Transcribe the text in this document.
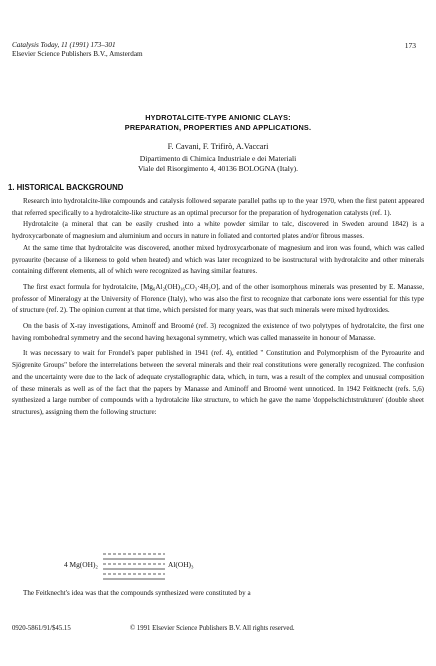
Catalysis Today, 11 (1991) 173–301
Elsevier Science Publishers B.V., Amsterdam
173
HYDROTALCITE-TYPE ANIONIC CLAYS:
PREPARATION, PROPERTIES AND APPLICATIONS.
F. Cavani, F. Trifirò, A.Vaccari
Dipartimento di Chimica Industriale e dei Materiali
Viale del Risorgimento 4, 40136 BOLOGNA (Italy).
1. HISTORICAL BACKGROUND

Research into hydrotalcite-like compounds and catalysis followed separate parallel paths up to the year 1970, when the first patent appeared that referred specifically to a hydrotalcite-like structure as an optimal precursor for the preparation of hydrogenation catalysts (ref. 1).

Hydrotalcite (a mineral that can be easily crushed into a white powder similar to talc, discovered in Sweden around 1842) is a hydroxycarbonate of magnesium and aluminium and occurs in nature in foliated and contorted plates and/or fibrous masses.

At the same time that hydrotalcite was discovered, another mixed hydroxycarbonate of magnesium and iron was found, which was called pyroaurite (because of a likeness to gold when heated) and which was later recognized to be isostructural with hydrotalcite and other minerals containing different elements, all of which were recognized as having similar features.

The first exact formula for hydrotalcite, [Mg₆Al₂(OH)₁₆CO₃·4H₂O], and of the other isomorphous minerals was presented by E. Manasse, professor of Mineralogy at the University of Florence (Italy), who was also the first to recognize that carbonate ions were essential for this type of structure (ref. 2). The opinion current at that time, which persisted for many years, was that such minerals were mixed hydroxides.

On the basis of X-ray investigations, Aminoff and Broomé (ref. 3) recognized the existence of two polytypes of hydrotalcite, the first one having rombohedral symmetry and the second having hexagonal symmetry, which was called manasseite in honour of Manasse.

It was necessary to wait for Frondel's paper published in 1941 (ref. 4), entitled " Constitution and Polymorphism of the Pyroaurite and Sjögrenite Groups" before the interrelations between the several minerals and their real constitutions were generally recognized. The confusion and the uncertainty were due to the lack of adequate crystallographic data, which, in turn, was a result of the complex and unusual composition of these minerals as well as of the fact that the papers by Manasse and Aminoff and Broomé went unnoticed. In 1942 Feitknecht (refs. 5,6) synthesized a large number of compounds with a hydrotalcite like structure, to which he gave the name 'doppelschichtstrukturen' (double sheet structures), assigning them the following structure:

4 Mg(OH)₂	Al(OH)₃

The Feitknecht's idea was that the compounds synthesized were constituted by a

0920-5861/91/$45.15	© 1991 Elsevier Science Publishers B.V. All rights reserved.
